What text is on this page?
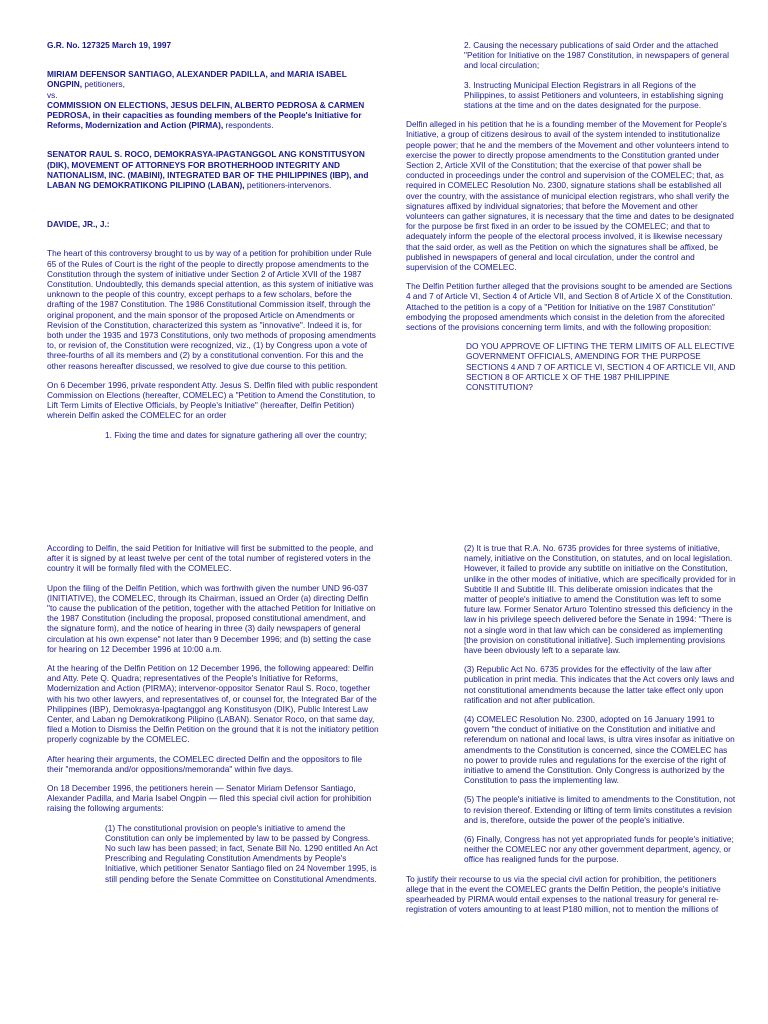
G.R. No. 127325 March 19, 1997

MIRIAM DEFENSOR SANTIAGO, ALEXANDER PADILLA, and MARIA ISABEL ONGPIN, petitioners,
vs.

COMMISSION ON ELECTIONS, JESUS DELFIN, ALBERTO PEDROSA & CARMEN PEDROSA, in their capacities as founding members of the People's Initiative for Reforms, Modernization and Action (PIRMA), respondents.

SENATOR RAUL S. ROCO, DEMOKRASYA-IPAGTANGGOL ANG KONSTITUSYON (DIK), MOVEMENT OF ATTORNEYS FOR BROTHERHOOD INTEGRITY AND NATIONALISM, INC. (MABINI), INTEGRATED BAR OF THE PHILIPPINES (IBP), and LABAN NG DEMOKRATIKONG PILIPINO (LABAN), petitioners-intervenors.

DAVIDE, JR., J.:

The heart of this controversy brought to us by way of a petition for prohibition under Rule 65 of the Rules of Court is the right of the people to directly propose amendments to the Constitution through the system of initiative under Section 2 of Article XVII of the 1987 Constitution. Undoubtedly, this demands special attention, as this system of initiative was unknown to the people of this country, except perhaps to a few scholars, before the drafting of the 1987 Constitution. The 1986 Constitutional Commission itself, through the original proponent, and the main sponsor of the proposed Article on Amendments or Revision of the Constitution, characterized this system as "innovative". Indeed it is, for both under the 1935 and 1973 Constitutions, only two methods of proposing amendments to, or revision of, the Constitution were recognized, viz., (1) by Congress upon a vote of three-fourths of all its members and (2) by a constitutional convention. For this and the other reasons hereafter discussed, we resolved to give due course to this petition.

On 6 December 1996, private respondent Atty. Jesus S. Delfin filed with public respondent Commission on Elections (hereafter, COMELEC) a "Petition to Amend the Constitution, to Lift Term Limits of Elective Officials, by People's Initiative" (hereafter, Delfin Petition) wherein Delfin asked the COMELEC for an order

1. Fixing the time and dates for signature gathering all over the country;

2. Causing the necessary publications of said Order and the attached "Petition for Initiative on the 1987 Constitution, in newspapers of general and local circulation;

3. Instructing Municipal Election Registrars in all Regions of the Philippines, to assist Petitioners and volunteers, in establishing signing stations at the time and on the dates designated for the purpose.

Delfin alleged in his petition that he is a founding member of the Movement for People's Initiative, a group of citizens desirous to avail of the system intended to institutionalize people power; that he and the members of the Movement and other volunteers intend to exercise the power to directly propose amendments to the Constitution granted under Section 2, Article XVII of the Constitution; that the exercise of that power shall be conducted in proceedings under the control and supervision of the COMELEC; that, as required in COMELEC Resolution No. 2300, signature stations shall be established all over the country, with the assistance of municipal election registrars, who shall verify the signatures affixed by individual signatories; that before the Movement and other volunteers can gather signatures, it is necessary that the time and dates to be designated for the purpose be first fixed in an order to be issued by the COMELEC; and that to adequately inform the people of the electoral process involved, it is likewise necessary that the said order, as well as the Petition on which the signatures shall be affixed, be published in newspapers of general and local circulation, under the control and supervision of the COMELEC.

The Delfin Petition further alleged that the provisions sought to be amended are Sections 4 and 7 of Article VI, Section 4 of Article VII, and Section 8 of Article X of the Constitution. Attached to the petition is a copy of a "Petition for Initiative on the 1987 Constitution" embodying the proposed amendments which consist in the deletion from the aforecited sections of the provisions concerning term limits, and with the following proposition:

DO YOU APPROVE OF LIFTING THE TERM LIMITS OF ALL ELECTIVE GOVERNMENT OFFICIALS, AMENDING FOR THE PURPOSE SECTIONS 4 AND 7 OF ARTICLE VI, SECTION 4 OF ARTICLE VII, AND SECTION 8 OF ARTICLE X OF THE 1987 PHILIPPINE CONSTITUTION?

According to Delfin, the said Petition for Initiative will first be submitted to the people, and after it is signed by at least twelve per cent of the total number of registered voters in the country it will be formally filed with the COMELEC.

Upon the filing of the Delfin Petition, which was forthwith given the number UND 96-037 (INITIATIVE), the COMELEC, through its Chairman, issued an Order (a) directing Delfin "to cause the publication of the petition, together with the attached Petition for Initiative on the 1987 Constitution (including the proposal, proposed constitutional amendment, and the signature form), and the notice of hearing in three (3) daily newspapers of general circulation at his own expense" not later than 9 December 1996; and (b) setting the case for hearing on 12 December 1996 at 10:00 a.m.

At the hearing of the Delfin Petition on 12 December 1996, the following appeared: Delfin and Atty. Pete Q. Quadra; representatives of the People's Initiative for Reforms, Modernization and Action (PIRMA); intervenor-oppositor Senator Raul S. Roco, together with his two other lawyers, and representatives of, or counsel for, the Integrated Bar of the Philippines (IBP), Demokrasya-Ipagtanggol ang Konstitusyon (DIK), Public Interest Law Center, and Laban ng Demokratikong Pilipino (LABAN). Senator Roco, on that same day, filed a Motion to Dismiss the Delfin Petition on the ground that it is not the initiatory petition properly cognizable by the COMELEC.

After hearing their arguments, the COMELEC directed Delfin and the oppositors to file their "memoranda and/or oppositions/memoranda" within five days.

On 18 December 1996, the petitioners herein — Senator Miriam Defensor Santiago, Alexander Padilla, and Maria Isabel Ongpin — filed this special civil action for prohibition raising the following arguments:

(1) The constitutional provision on people's initiative to amend the Constitution can only be implemented by law to be passed by Congress. No such law has been passed; in fact, Senate Bill No. 1290 entitled An Act Prescribing and Regulating Constitution Amendments by People's Initiative, which petitioner Senator Santiago filed on 24 November 1995, is still pending before the Senate Committee on Constitutional Amendments.

(2) It is true that R.A. No. 6735 provides for three systems of initiative, namely, initiative on the Constitution, on statutes, and on local legislation. However, it failed to provide any subtitle on initiative on the Constitution, unlike in the other modes of initiative, which are specifically provided for in Subtitle II and Subtitle III. This deliberate omission indicates that the matter of people's initiative to amend the Constitution was left to some future law. Former Senator Arturo Tolentino stressed this deficiency in the law in his privilege speech delivered before the Senate in 1994: "There is not a single word in that law which can be considered as implementing [the provision on constitutional initiative]. Such implementing provisions have been obviously left to a separate law.

(3) Republic Act No. 6735 provides for the effectivity of the law after publication in print media. This indicates that the Act covers only laws and not constitutional amendments because the latter take effect only upon ratification and not after publication.

(4) COMELEC Resolution No. 2300, adopted on 16 January 1991 to govern "the conduct of initiative on the Constitution and initiative and referendum on national and local laws, is ultra vires insofar as initiative on amendments to the Constitution is concerned, since the COMELEC has no power to provide rules and regulations for the exercise of the right of initiative to amend the Constitution. Only Congress is authorized by the Constitution to pass the implementing law.

(5) The people's initiative is limited to amendments to the Constitution, not to revision thereof. Extending or lifting of term limits constitutes a revision and is, therefore, outside the power of the people's initiative.

(6) Finally, Congress has not yet appropriated funds for people's initiative; neither the COMELEC nor any other government department, agency, or office has realigned funds for the purpose.

To justify their recourse to us via the special civil action for prohibition, the petitioners allege that in the event the COMELEC grants the Delfin Petition, the people's initiative spearheaded by PIRMA would entail expenses to the national treasury for general re-registration of voters amounting to at least P180 million, not to mention the millions of
